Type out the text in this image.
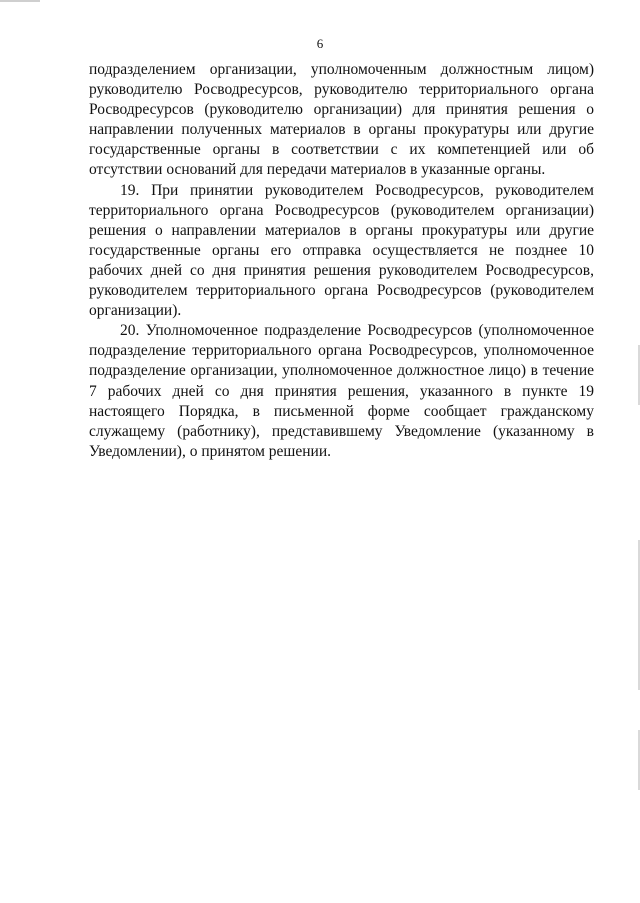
6

подразделением организации, уполномоченным должностным лицом) руководителю Росводресурсов, руководителю территориального органа Росводресурсов (руководителю организации) для принятия решения о направлении полученных материалов в органы прокуратуры или другие государственные органы в соответствии с их компетенцией или об отсутствии оснований для передачи материалов в указанные органы.

19. При принятии руководителем Росводресурсов, руководителем территориального органа Росводресурсов (руководителем организации) решения о направлении материалов в органы прокуратуры или другие государственные органы его отправка осуществляется не позднее 10 рабочих дней со дня принятия решения руководителем Росводресурсов, руководителем территориального органа Росводресурсов (руководителем организации).

20. Уполномоченное подразделение Росводресурсов (уполномоченное подразделение территориального органа Росводресурсов, уполномоченное подразделение организации, уполномоченное должностное лицо) в течение 7 рабочих дней со дня принятия решения, указанного в пункте 19 настоящего Порядка, в письменной форме сообщает гражданскому служащему (работнику), представившему Уведомление (указанному в Уведомлении), о принятом решении.
